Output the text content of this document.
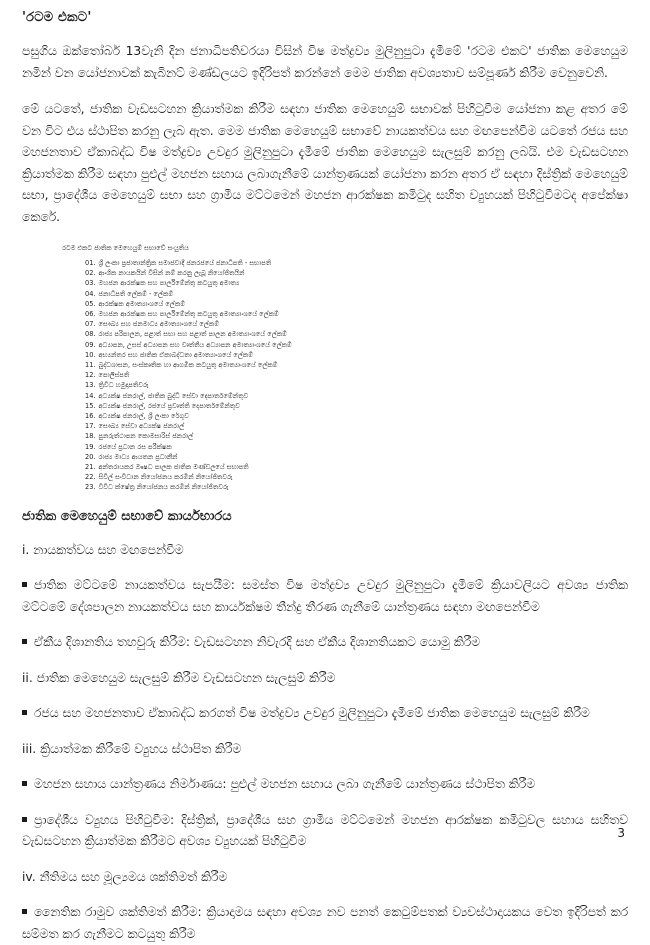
'රටම එකට'

පසුගිය ඔක්තෝබර් 13වැනි දින ජනාධිපතිවරයා විසින් විෂ මත්ද්‍රව්‍ය මුලිනුපුටා දැමීමේ 'රටම එකට' ජාතික මෙහෙයුම නමින් වන යෝජනාවක් කැබිනට් මණ්ඩලයට ඉදිරිපත් කරන්නේ මෙම ජාතික අවශ්‍යතාව සම්පූර්ණ කිරීම වෙනුවෙනි.

මේ යටතේ, ජාතික වැඩසටහන ක්‍රියාත්මක කිරීම සඳහා ජාතික මෙහෙයුම් සභාවක් පිහිටුවීම යෝජනා කළ අතර මේ වන විට එය ස්ථාපිත කරනු ලැබ ඇත. මෙම ජාතික මෙහෙයුම් සභාවේ නායකත්වය සහ මඟපෙන්වීම යටතේ රජය සහ මහජනතාව ඒකාබද්ධ විෂ මත්ද්‍රව්‍ය උවදුර මුලිනුපුටා දැමීමේ ජාතික මෙහෙයුම සැලසුම් කරනු ලබයි. එම වැඩසටහන ක්‍රියාත්මක කිරීම සඳහා පුළුල් මහජන සහාය ලබාගැනීමේ යාන්ත්‍රණයක් යෝජනා කරන අතර ඒ සඳහා දිස්ත්‍රික් මෙහෙයුම් සභා, ප්‍රාදේශීය මෙහෙයුම් සභා සහ ග්‍රාමීය මට්ටමෙන් මහජන ආරක්ෂක කමිටුද සහිත ව්‍යුහයක් පිහිටුවීමටද අපේක්ෂා කෙරේ.

රටම එකට ජාතික මෙහෙයුම් සභාවේ සංයුතිය
01. ශ්‍රී ලංකා ප්‍රජාතාන්ත්‍රික සමාජවාදී ජනරජයේ ජනාධිපති - සභාපති
02. ආංශික නායකයින් විසින් නම් කරනු ලැබූ නියෝජිතයින්
03. මහජන ආරක්ෂක සහ පාර්ලිමේන්තු කටයුතු අමාත්‍ය
04. ජනාධිපති ලේකම් - ලේකම්
05. ආරක්ෂක අමාත්‍යාංශයේ ලේකම්
06. මහජන ආරක්ෂක සහ පාර්ලිමේන්තු කටයුතු අමාත්‍යාංශයේ ලේකම්
07. සෞඛ්‍ය සහ ජනමාධ්‍ය අමාත්‍යාංශයේ ලේකම්
08. රාජ්‍ය පරිපාලන, පළාත් සභා සහ පළාත් පාලන අමාත්‍යාංශයේ ලේකම්
09. අධ්‍යාපන, උසස් අධ්‍යාපන සහ වෘත්තීය අධ්‍යාපන අමාත්‍යාංශයේ ලේකම්
10. අභ්‍යන්තර සහ ජාතික ඒකාබද්ධතා අමාත්‍යාංශයේ ලේකම්
11. බුද්ධශාසන, සංස්කෘතික හා ආගමික කටයුතු අමාත්‍යාංශයේ ලේකම්
12. පොලිස්පති
13. ත්‍රිවිධ හමුදාපතිවරු
14. අධ්‍යක්ෂ ජනරාල්, ජාතික බුද්ධි සේවා දෙපාර්තමේන්තුව
15. අධ්‍යක්ෂ ජනරාල්, රජයේ ප්‍රවෘත්ති දෙපාර්තමේන්තුව
16. අධ්‍යක්ෂ ජනරාල්, ශ්‍රී ලංකා රේගුව
17. සෞඛ්‍ය සේවා අධ්‍යක්ෂ ජනරාල්
18. පුනරුත්ථාපන කොමසාරිස් ජනරාල්
19. රජයේ ප්‍රධාන රස පරීක්ෂක
20. රාජ්‍ය මාධ්‍ය ආයතන ප්‍රධානීන්
21. අන්තරායකර ඖෂධ පාලක ජාතික මණ්ඩලයේ සභාපති
22. සිවිල් සංවිධාන නියෝජනය කරමින් නියෝජිතවරු
23. විවිධ ක්ෂේත්‍ර නියෝජනය කරමින් නියෝජිතවරු
ජාතික මෙහෙයුම් සභාවේ කාර්යභාරය

i. නායකත්වය සහ මඟපෙන්වීම

ජාතික මට්ටමේ නායකත්වය සැපයීම: සමස්ත විෂ මත්ද්‍රව්‍ය උවදුර මුලිනුපුටා දැමීමේ ක්‍රියාවලියට අවශ්‍ය ජාතික මට්ටමේ දේශපාලන නායකත්වය සහ කාර්යක්ෂම තීන්දු තීරණ ගැනීමේ යාන්ත්‍රණය සඳහා මඟපෙන්වීම

ඒකීය දිශානතිය තහවුරු කිරීම: වැඩසටහන නිවැරදි සහ ඒකීය දිශානතියකට යොමු කිරීම

ii. ජාතික මෙහෙයුම සැලසුම් කිරීම වැඩසටහන සැලසුම් කිරීම

රජය සහ මහජනතාව ඒකාබද්ධ කරගත් විෂ මත්ද්‍රව්‍ය උවදුර මුලිනුපුටා දැමීමේ ජාතික මෙහෙයුම සැලසුම් කිරීම

iii. ක්‍රියාත්මක කිරීමේ ව්‍යුහය ස්ථාපිත කිරීම

මහජන සහාය යාන්ත්‍රණය නිර්මාණය: පුළුල් මහජන සහාය ලබා ගැනීමේ යාන්ත්‍රණය ස්ථාපිත කිරීම

ප්‍රාදේශීය ව්‍යුහය පිහිටුවීම: දිස්ත්‍රික්, ප්‍රාදේශීය සහ ග්‍රාමීය මට්ටමෙන් මහජන ආරක්ෂක කමිටුවල සහාය සහිතව වැඩසටහන ක්‍රියාත්මක කිරීමට අවශ්‍ය ව්‍යුහයක් පිහිටුවීම

iv. නීතිමය සහ මූල්‍යමය ශක්තිමත් කිරීම

නෛතික රාමුව ශක්තිමත් කිරීම: ක්‍රියාදාමය සඳහා අවශ්‍ය නව පනත් කෙටුම්පතක් ව්‍යවස්ථාදායකය වෙත ඉදිරිපත් කර සම්මත කර ගැනීමට කටයුතු කිරීම

3
